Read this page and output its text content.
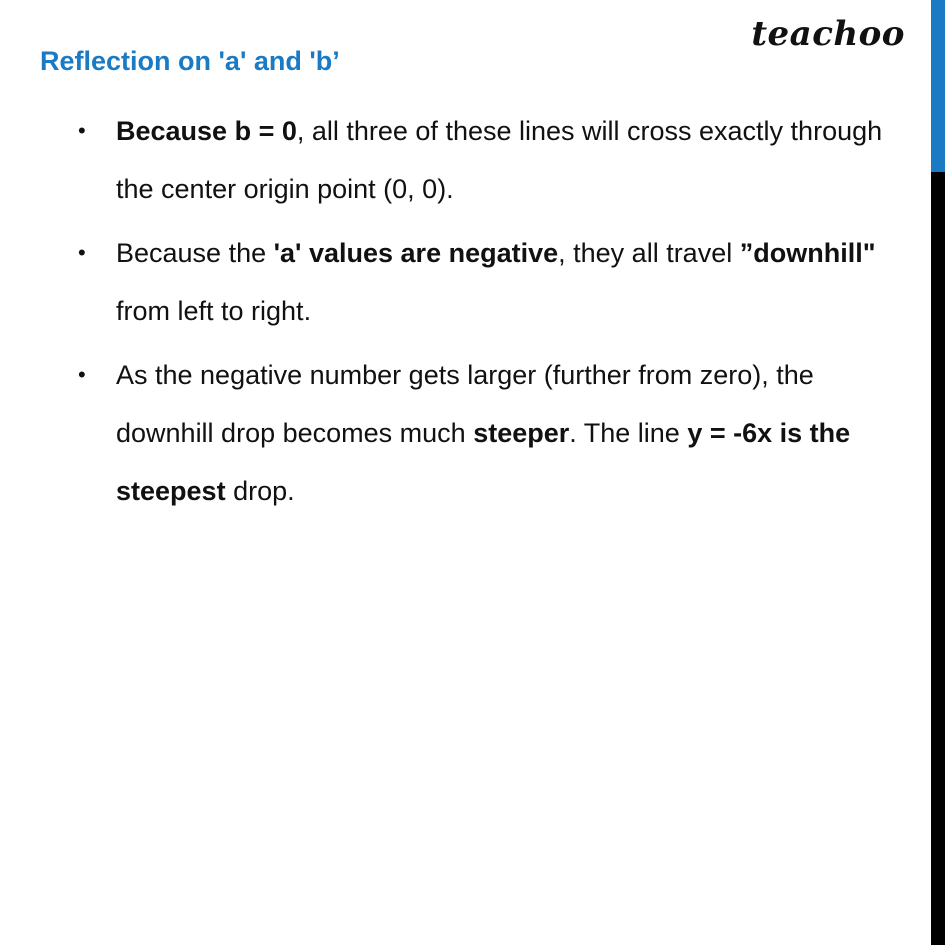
Reflection on 'a' and 'b’
teachoo
• Because b = 0, all three of these lines will cross exactly through the center origin point (0, 0).
• Because the 'a' values are negative, they all travel ”downhill" from left to right.
• As the negative number gets larger (further from zero), the downhill drop becomes much steeper. The line y = -6x is the steepest drop.
